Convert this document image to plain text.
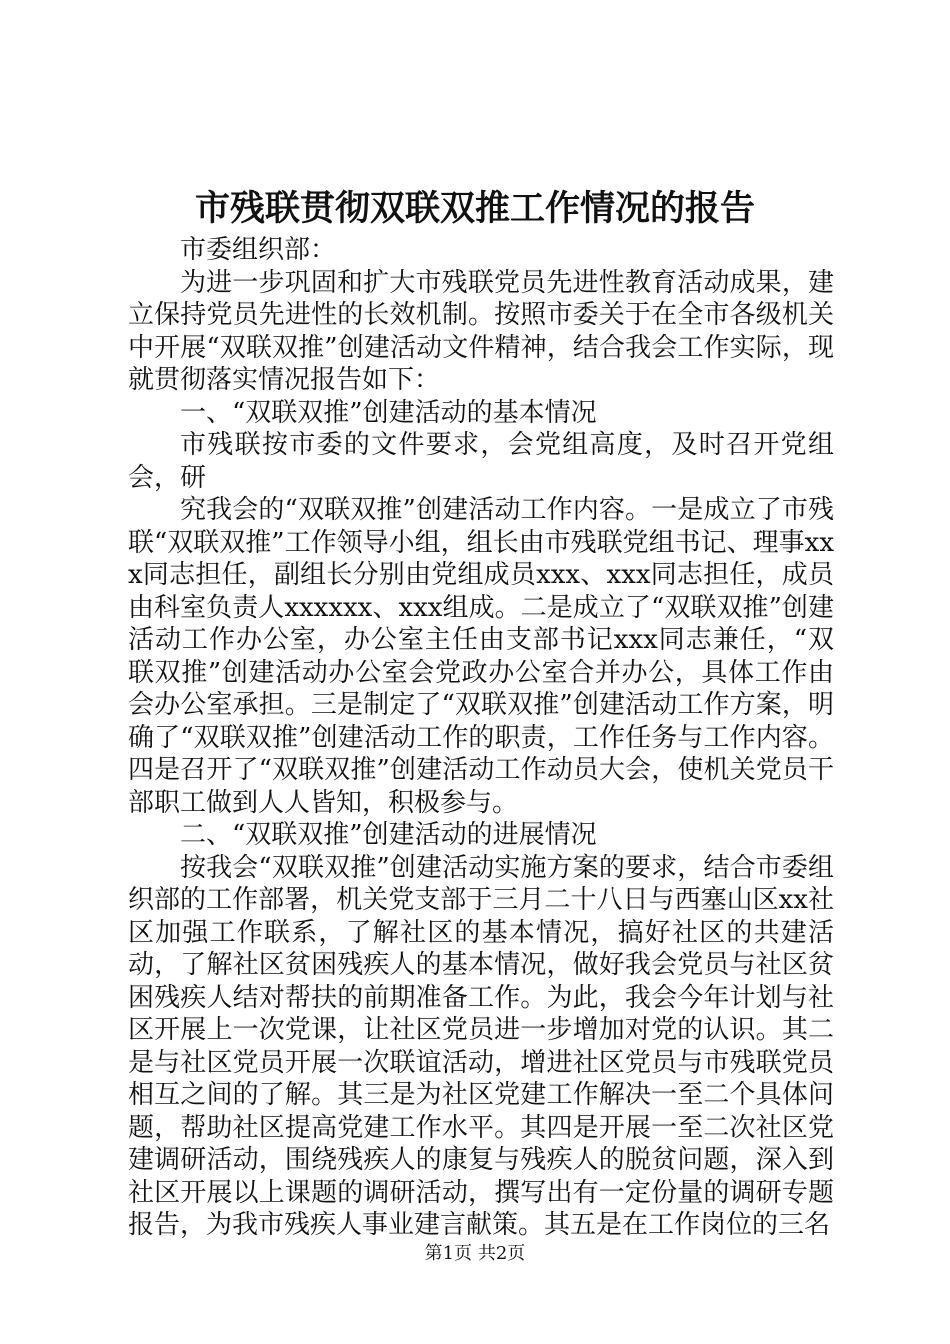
市残联贯彻双联双推工作情况的报告

市委组织部：

为进一步巩固和扩大市残联党员先进性教育活动成果，建立保持党员先进性的长效机制。按照市委关于在全市各级机关中开展“双联双推”创建活动文件精神，结合我会工作实际，现就贯彻落实情况报告如下：

一、“双联双推”创建活动的基本情况

市残联按市委的文件要求，会党组高度，及时召开党组会，研

究我会的“双联双推”创建活动工作内容。一是成立了市残联“双联双推”工作领导小组，组长由市残联党组书记、理事xxx同志担任，副组长分别由党组成员xxx、xxx同志担任，成员由科室负责人xxxxxx、xxx组成。二是成立了“双联双推”创建活动工作办公室，办公室主任由支部书记xxx同志兼任，“双联双推”创建活动办公室会党政办公室合并办公，具体工作由会办公室承担。三是制定了“双联双推”创建活动工作方案，明确了“双联双推”创建活动工作的职责，工作任务与工作内容。四是召开了“双联双推”创建活动工作动员大会，使机关党员干部职工做到人人皆知，积极参与。

二、“双联双推”创建活动的进展情况

按我会“双联双推”创建活动实施方案的要求，结合市委组织部的工作部署，机关党支部于三月二十八日与西塞山区xx社区加强工作联系，了解社区的基本情况，搞好社区的共建活动，了解社区贫困残疾人的基本情况，做好我会党员与社区贫困残疾人结对帮扶的前期准备工作。为此，我会今年计划与社区开展上一次党课，让社区党员进一步增加对党的认识。其二是与社区党员开展一次联谊活动，增进社区党员与市残联党员相互之间的了解。其三是为社区党建工作解决一至二个具体问题，帮助社区提高党建工作水平。其四是开展一至二次社区党建调研活动，围绕残疾人的康复与残疾人的脱贫问题，深入到社区开展以上课题的调研活动，撰写出有一定份量的调研专题报告，为我市残疾人事业建言献策。其五是在工作岗位的三名

第1页 共2页
